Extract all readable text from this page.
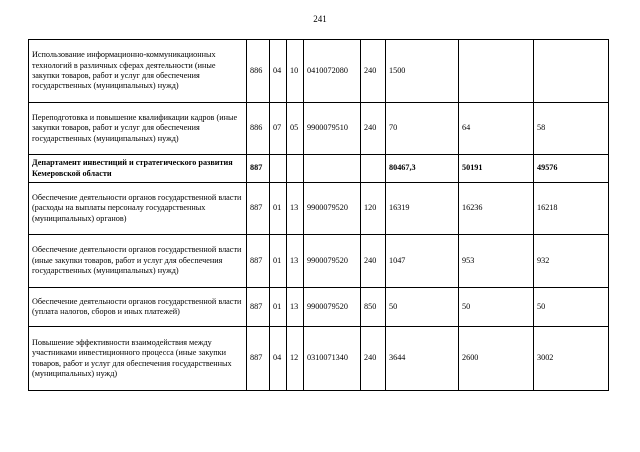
241
Использование информационно-коммуникационных технологий в различных сферах деятельности (иные закупки товаров, работ и услуг для обеспечения государственных (муниципальных) нужд)	886	04	10	0410072080	240	1500		
Переподготовка и повышение квалификации кадров (иные закупки товаров, работ и услуг для обеспечения государственных (муниципальных) нужд)	886	07	05	9900079510	240	70	64	58
Департамент инвестиций и стратегического развития Кемеровской области	887					80467,3	50191	49576
Обеспечение деятельности органов государственной власти (расходы на выплаты персоналу государственных (муниципальных) органов)	887	01	13	9900079520	120	16319	16236	16218
Обеспечение деятельности органов государственной власти (иные закупки товаров, работ и услуг для обеспечения государственных (муниципальных) нужд)	887	01	13	9900079520	240	1047	953	932
Обеспечение деятельности органов государственной власти (уплата налогов, сборов и иных платежей)	887	01	13	9900079520	850	50	50	50
Повышение эффективности взаимодействия между участниками инвестиционного процесса (иные закупки товаров, работ и услуг для обеспечения государственных (муниципальных) нужд)	887	04	12	0310071340	240	3644	2600	3002
